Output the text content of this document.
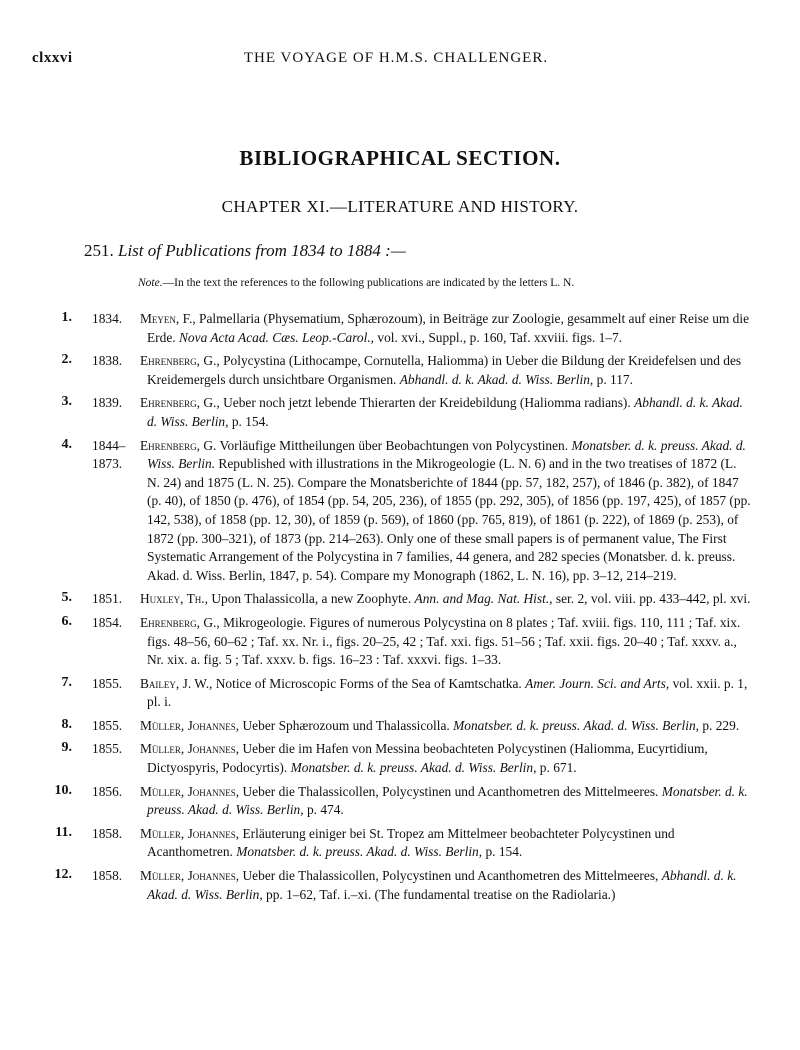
clxxvi	THE VOYAGE OF H.M.S. CHALLENGER.
BIBLIOGRAPHICAL SECTION.
CHAPTER XI.—LITERATURE AND HISTORY.
251. List of Publications from 1834 to 1884 :—
Note.—In the text the references to the following publications are indicated by the letters L. N.
1. 1834. Meyen, F., Palmellaria (Physematium, Sphærozoum), in Beiträge zur Zoologie, gesammelt auf einer Reise um die Erde. Nova Acta Acad. Cæs. Leop.-Carol., vol. xvi., Suppl., p. 160, Taf. xxviii. figs. 1–7.
2. 1838. Ehrenberg, G., Polycystina (Lithocampe, Cornutella, Haliomma) in Ueber die Bildung der Kreidefelsen und des Kreidemergels durch unsichtbare Organismen. Abhandl. d. k. Akad. d. Wiss. Berlin, p. 117.
3. 1839. Ehrenberg, G., Ueber noch jetzt lebende Thierarten der Kreidebildung (Haliomma radians). Abhandl. d. k. Akad. d. Wiss. Berlin, p. 154.
4. 1844–
1873.
Ehrenberg, G. Vorläufige Mittheilungen über Beobachtungen von Polycystinen. Monatsber. d. k. preuss. Akad. d. Wiss. Berlin. Republished with illustrations in the Mikrogeologie (L. N. 6) and in the two treatises of 1872 (L. N. 24) and 1875 (L. N. 25). Compare the Monatsberichte of 1844 (pp. 57, 182, 257), of 1846 (p. 382), of 1847 (p. 40), of 1850 (p. 476), of 1854 (pp. 54, 205, 236), of 1855 (pp. 292, 305), of 1856 (pp. 197, 425), of 1857 (pp. 142, 538), of 1858 (pp. 12, 30), of 1859 (p. 569), of 1860 (pp. 765, 819), of 1861 (p. 222), of 1869 (p. 253), of 1872 (pp. 300–321), of 1873 (pp. 214–263). Only one of these small papers is of permanent value, The First Systematic Arrangement of the Polycystina in 7 families, 44 genera, and 282 species (Monatsber. d. k. preuss. Akad. d. Wiss. Berlin, 1847, p. 54). Compare my Monograph (1862, L. N. 16), pp. 3–12, 214–219.
5. 1851. Huxley, Th., Upon Thalassicolla, a new Zoophyte. Ann. and Mag. Nat. Hist., ser. 2, vol. viii. pp. 433–442, pl. xvi.
6. 1854. Ehrenberg, G., Mikrogeologie. Figures of numerous Polycystina on 8 plates ; Taf. xviii. figs. 110, 111 ; Taf. xix. figs. 48–56, 60–62 ; Taf. xx. Nr. i., figs. 20–25, 42 ; Taf. xxi. figs. 51–56 ; Taf. xxii. figs. 20–40 ; Taf. xxxv. a., Nr. xix. a. fig. 5 ; Taf. xxxv. b. figs. 16–23 : Taf. xxxvi. figs. 1–33.
7. 1855. Bailey, J. W., Notice of Microscopic Forms of the Sea of Kamtschatka. Amer. Journ. Sci. and Arts, vol. xxii. p. 1, pl. i.
8. 1855. Müller, Johannes, Ueber Sphærozoum und Thalassicolla. Monatsber. d. k. preuss. Akad. d. Wiss. Berlin, p. 229.
9. 1855. Müller, Johannes, Ueber die im Hafen von Messina beobachteten Polycystinen (Haliomma, Eucyrtidium, Dictyospyris, Podocyrtis). Monatsber. d. k. preuss. Akad. d. Wiss. Berlin, p. 671.
10. 1856. Müller, Johannes, Ueber die Thalassicollen, Polycystinen und Acanthometren des Mittelmeeres. Monatsber. d. k. preuss. Akad. d. Wiss. Berlin, p. 474.
11. 1858. Müller, Johannes, Erläuterung einiger bei St. Tropez am Mittelmeer beobachteter Polycystinen und Acanthometren. Monatsber. d. k. preuss. Akad. d. Wiss. Berlin, p. 154.
12. 1858. Müller, Johannes, Ueber die Thalassicollen, Polycystinen und Acanthometren des Mittelmeeres, Abhandl. d. k. Akad. d. Wiss. Berlin, pp. 1–62, Taf. i.–xi. (The fundamental treatise on the Radiolaria.)
